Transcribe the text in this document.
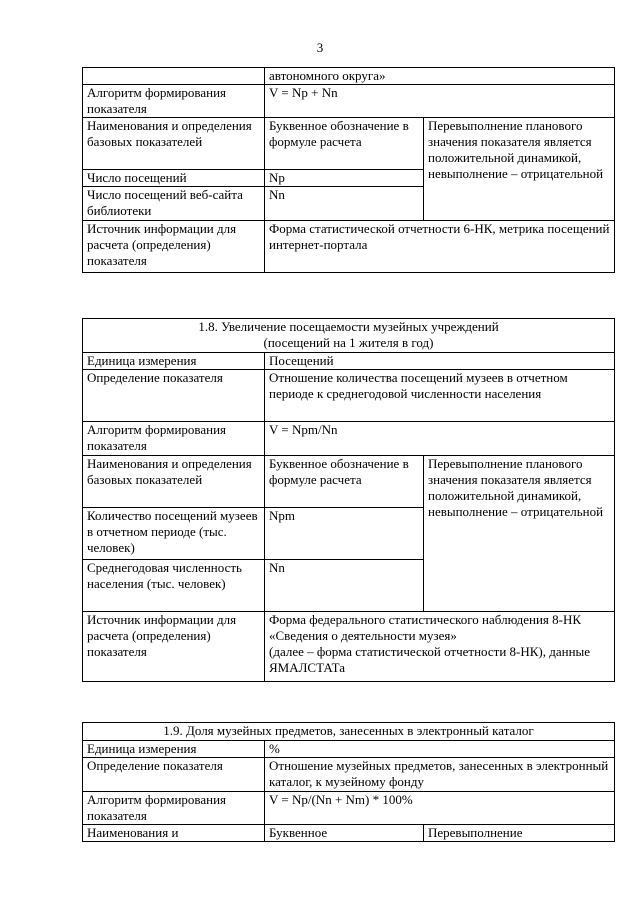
3
	автономного округа»	
Алгоритм формирования показателя	V = Np + Nn	
Наименования и определения базовых показателей	Буквенное обозначение в формуле расчета	Перевыполнение планового значения показателя является положительной динамикой, невыполнение – отрицательной
Число посещений	Np	
Число посещений веб-сайта библиотеки	Nn	
Источник информации для расчета (определения) показателя	Форма статистической отчетности 6-НК, метрика посещений интернет-портала	
1.8. Увеличение посещаемости музейных учреждений
(посещений на 1 жителя в год)		

Единица измерения	Посещений	
Определение показателя	Отношение количества посещений музеев в отчетном периоде к среднегодовой численности населения	
Алгоритм формирования показателя	V = Npm/Nn	
Наименования и определения базовых показателей	Буквенное обозначение в формуле расчета	Перевыполнение планового значения показателя является положительной динамикой, невыполнение – отрицательной
Количество посещений музеев в отчетном периоде (тыс. человек)	Npm	
Среднегодовая численность населения (тыс. человек)	Nn	
Источник информации для расчета (определения) показателя	Форма федерального статистического наблюдения 8-НК «Сведения о деятельности музея»
(далее – форма статистической отчетности 8-НК), данные ЯМАЛСТАТа	
1.9. Доля музейных предметов, занесенных в электронный каталог		
Единица измерения	%	
Определение показателя	Отношение музейных предметов, занесенных в электронный каталог, к музейному фонду	
Алгоритм формирования показателя	V = Np/(Nn + Nm) * 100%	
Наименования и	Буквенное	Перевыполнение
